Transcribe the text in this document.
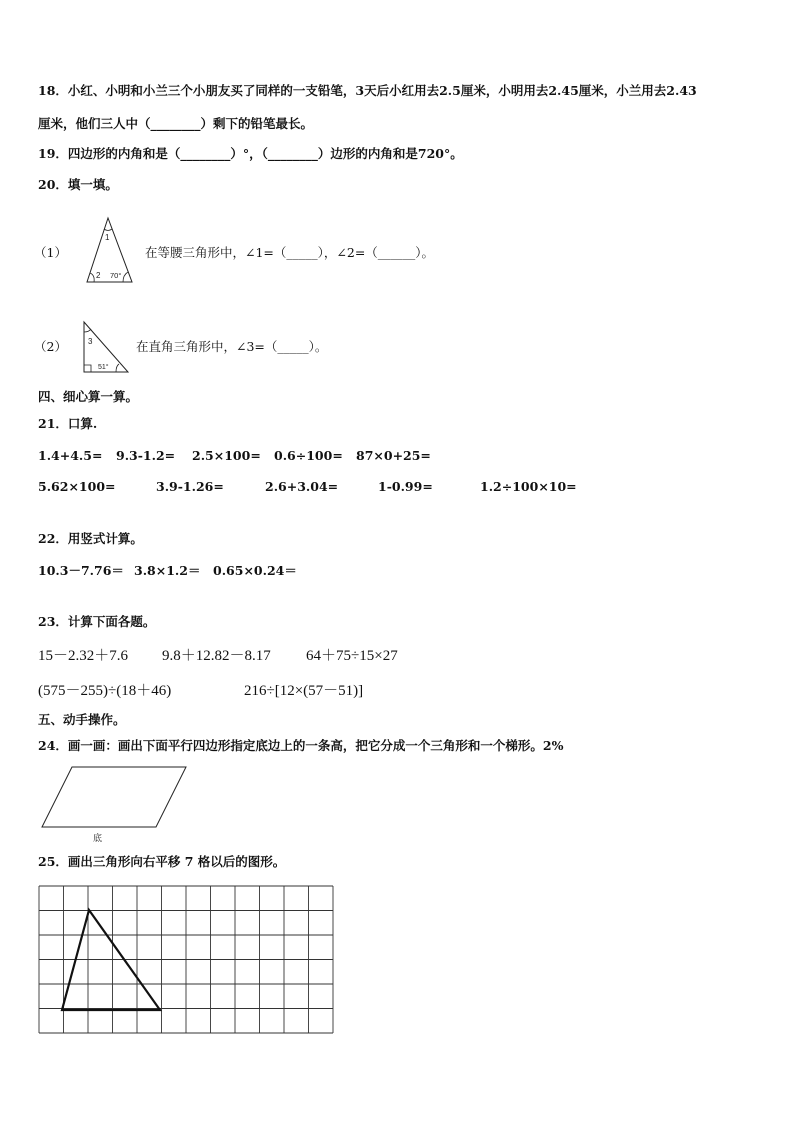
18．小红、小明和小兰三个小朋友买了同样的一支铅笔，3天后小红用去2.5厘米，小明用去2.45厘米，小兰用去2.43
厘米，他们三人中（________）剩下的铅笔最长。
19．四边形的内角和是（________）°，（________）边形的内角和是720°。
20．填一填。
（1）
1
2 70°
在等腰三角形中，∠1=（_____），∠2=（______）。
（2）	3
51°
在直角三角形中，∠3=（_____）。
四、细心算一算。
21．口算.
1.4+4.5= 9.3-1.2= 2.5×100= 0.6÷100= 87×0+25=
5.62×100=	3.9-1.26=	2.6+3.04=	1-0.99=	1.2÷100×10=
22．用竖式计算。
10.3－7.76＝ 3.8×1.2＝ 0.65×0.24＝
23．计算下面各题。
15－2.32＋7.6 9.8＋12.82－8.17 64＋75÷15×27
(575－255)÷(18＋46)	216÷[12×(57－51)]
五、动手操作。
24．画一画：画出下面平行四边形指定底边上的一条高，把它分成一个三角形和一个梯形。2%
底
25．画出三角形向右平移 7 格以后的图形。
